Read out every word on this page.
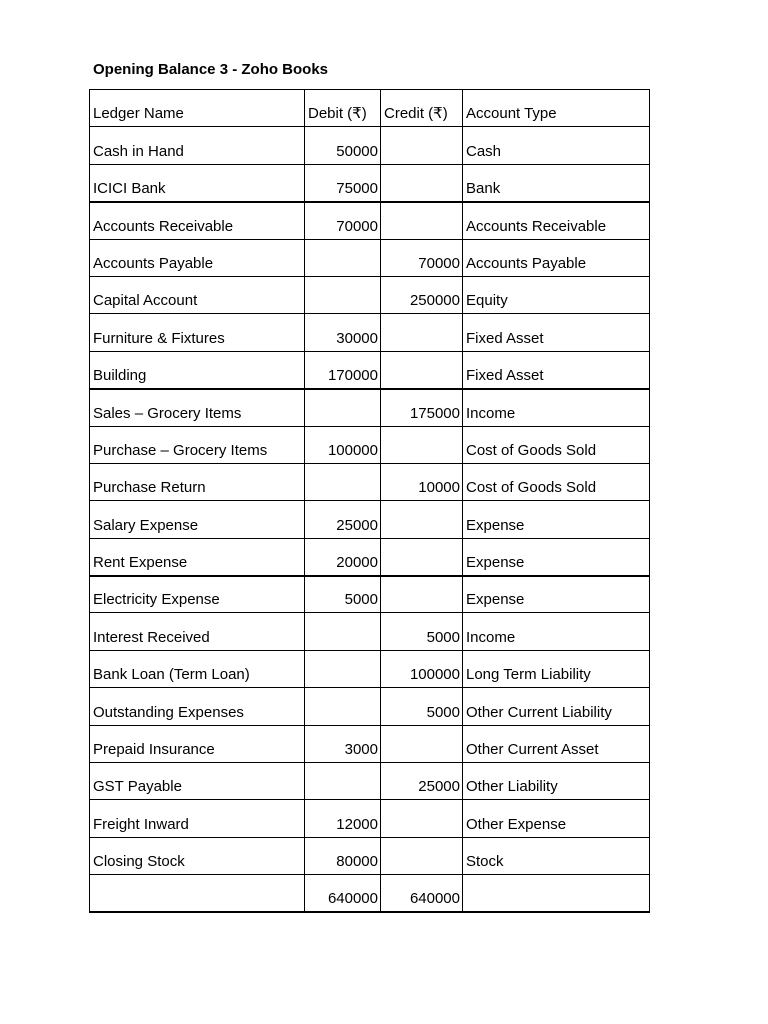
Opening Balance 3 - Zoho Books
Ledger Name	Debit (₹)	Credit (₹)	Account Type
Cash in Hand	50000		Cash
ICICI Bank	75000		Bank
Accounts Receivable	70000		Accounts Receivable
Accounts Payable		70000	Accounts Payable
Capital Account		250000	Equity
Furniture & Fixtures	30000		Fixed Asset
Building	170000		Fixed Asset
Sales – Grocery Items		175000	Income
Purchase – Grocery Items	100000		Cost of Goods Sold
Purchase Return		10000	Cost of Goods Sold
Salary Expense	25000		Expense
Rent Expense	20000		Expense
Electricity Expense	5000		Expense
Interest Received		5000	Income
Bank Loan (Term Loan)		100000	Long Term Liability
Outstanding Expenses		5000	Other Current Liability
Prepaid Insurance	3000		Other Current Asset
GST Payable		25000	Other Liability
Freight Inward	12000		Other Expense
Closing Stock	80000		Stock
	640000	640000	
